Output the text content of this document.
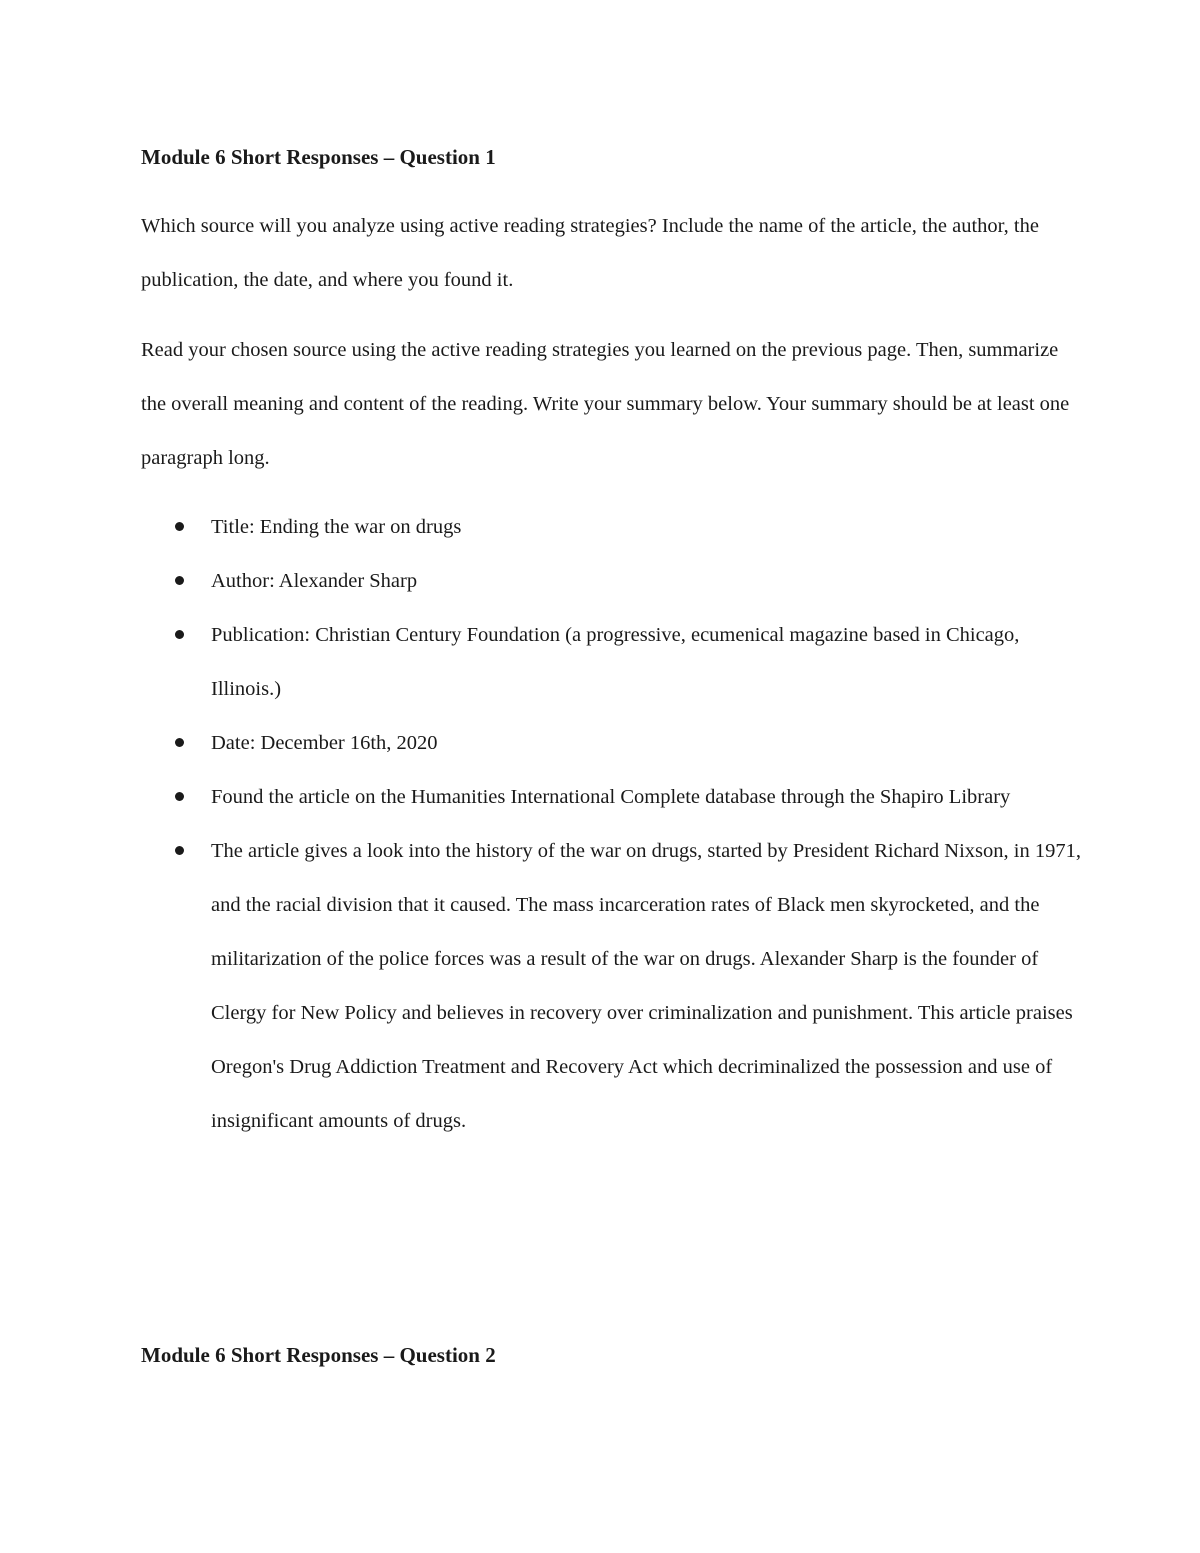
Module 6 Short Responses – Question 1

Which source will you analyze using active reading strategies? Include the name of the article, the author, the publication, the date, and where you found it.

Read your chosen source using the active reading strategies you learned on the previous page. Then, summarize the overall meaning and content of the reading. Write your summary below. Your summary should be at least one paragraph long.

Title: Ending the war on drugs
Author: Alexander Sharp
Publication: Christian Century Foundation (a progressive, ecumenical magazine based in Chicago, Illinois.)
Date: December 16th, 2020
Found the article on the Humanities International Complete database through the Shapiro Library
The article gives a look into the history of the war on drugs, started by President Richard Nixson, in 1971, and the racial division that it caused. The mass incarceration rates of Black men skyrocketed, and the militarization of the police forces was a result of the war on drugs. Alexander Sharp is the founder of Clergy for New Policy and believes in recovery over criminalization and punishment. This article praises Oregon's Drug Addiction Treatment and Recovery Act which decriminalized the possession and use of insignificant amounts of drugs.
Module 6 Short Responses – Question 2
